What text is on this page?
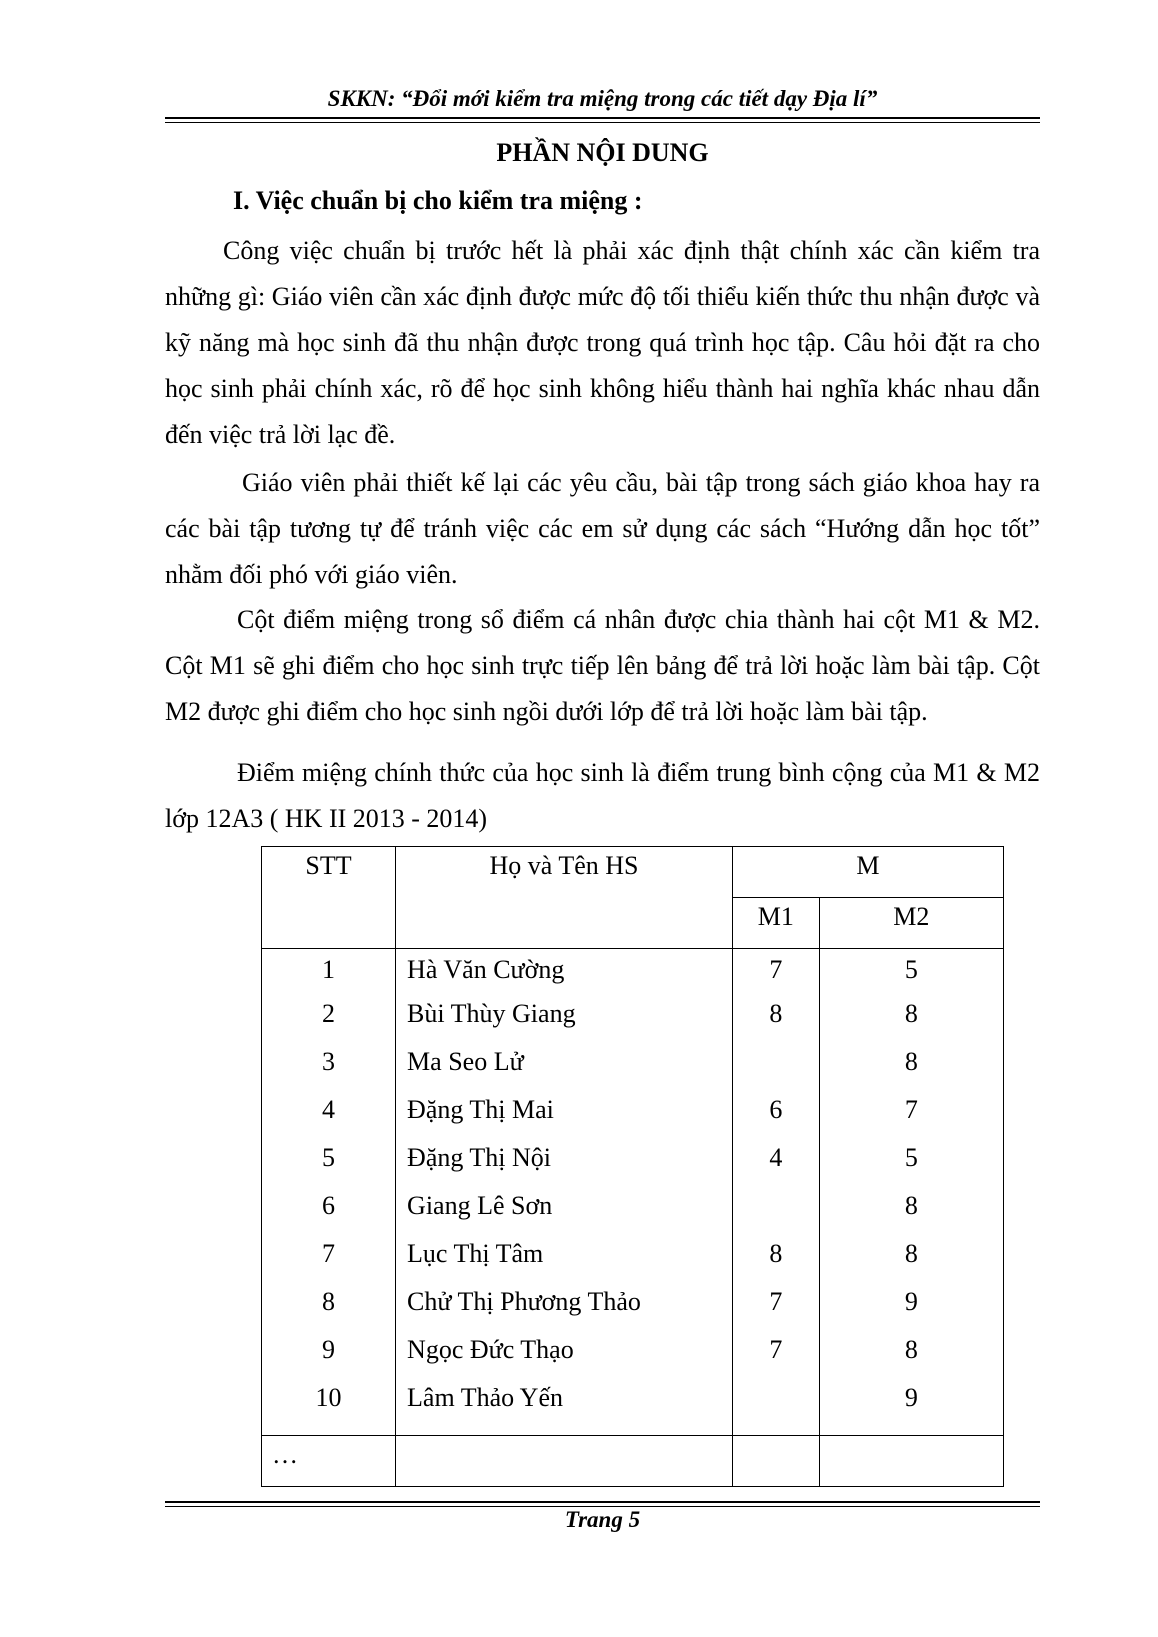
SKKN: “Đổi mới kiểm tra miệng trong các tiết dạy Địa lí”
PHẦN NỘI DUNG
I. Việc chuẩn bị cho kiểm tra miệng :

Công việc chuẩn bị trước hết là phải xác định thật chính xác cần kiểm tra những gì: Giáo viên cần xác định được mức độ tối thiểu kiến thức thu nhận được và kỹ năng mà học sinh đã thu nhận được trong quá trình học tập. Câu hỏi đặt ra cho học sinh phải chính xác, rõ để học sinh không hiểu thành hai nghĩa khác nhau dẫn đến việc trả lời lạc đề.

Giáo viên phải thiết kế lại các yêu cầu, bài tập trong sách giáo khoa hay ra các bài tập tương tự để tránh việc các em sử dụng các sách “Hướng dẫn học tốt” nhằm đối phó với giáo viên.

Cột điểm miệng trong sổ điểm cá nhân được chia thành hai cột M1 & M2. Cột M1 sẽ ghi điểm cho học sinh trực tiếp lên bảng để trả lời hoặc làm bài tập. Cột M2 được ghi điểm cho học sinh ngồi dưới lớp để trả lời hoặc làm bài tập.

Điểm miệng chính thức của học sinh là điểm trung bình cộng của M1 & M2 lớp 12A3 ( HK II 2013 - 2014)

STT	Họ và Tên HS	M	
		M1	M2
1	Hà Văn Cường	7	5
2	Bùi Thùy Giang	8	8
3	Ma Seo Lử		8
4	Đặng Thị Mai	6	7
5	Đặng Thị Nội	4	5
6	Giang Lê Sơn		8
7	Lục Thị Tâm	8	8
8	Chử Thị Phương Thảo	7	9
9	Ngọc Đức Thạo	7	8
10	Lâm Thảo Yến		9
…			
Trang 5
